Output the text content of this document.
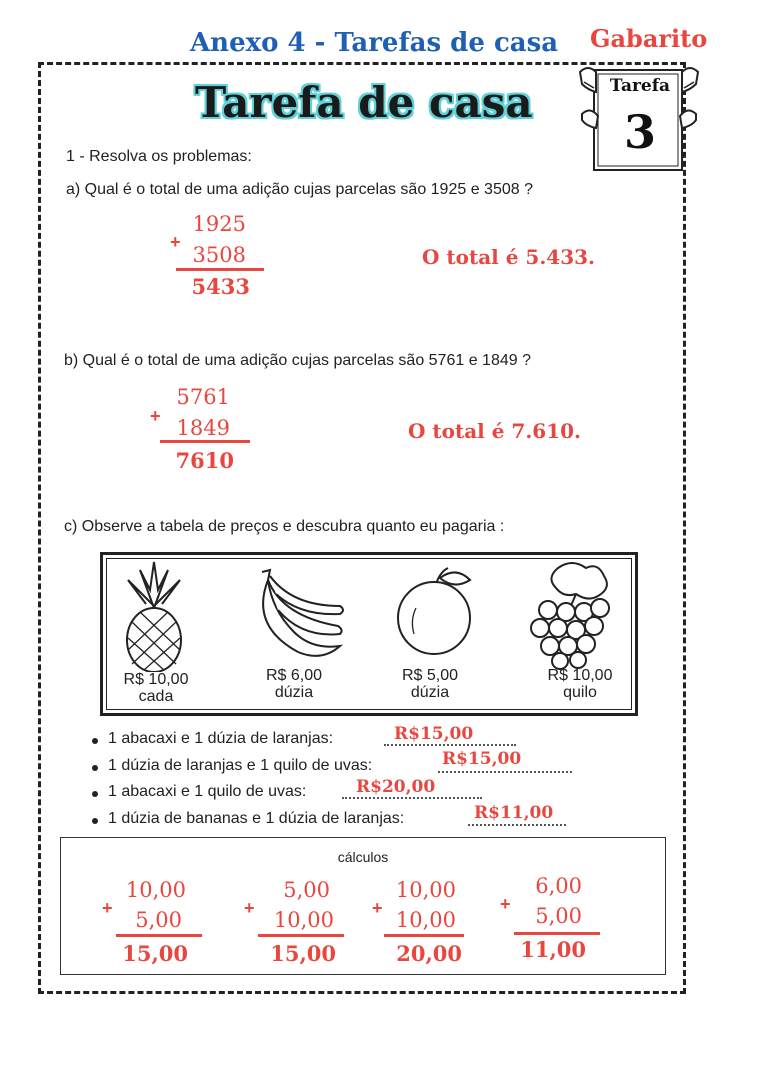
Anexo 4 - Tarefas de casa Gabarito
Tarefa de casa	Tarefa
3
1 - Resolva os problemas:
a) Qual é o total de uma adição cujas parcelas são 1925 e 3508 ?
1925
+
3508
5433
O total é 5.433.
b) Qual é o total de uma adição cujas parcelas são 5761 e 1849 ?
5761
+ 1849
7610
O total é 7.610.
c) Observe a tabela de preços e descubra quanto eu pagaria :
R$ 10,00
cada
R$ 6,00
dúzia
R$ 5,00
dúzia
R$ 10,00
quilo
1 abacaxi e 1 dúzia de laranjas:	R$15,00
1 dúzia de laranjas e 1 quilo de uvas:	R$15,00
1 abacaxi e 1 quilo de uvas:	R$20,00
1 dúzia de bananas e 1 dúzia de laranjas:	R$11,00
cálculos
10,00
+	5,00
15,00
5,00
+ 10,00
15,00
10,00
+ 10,00
20,00
6,00
+	5,00
11,00
